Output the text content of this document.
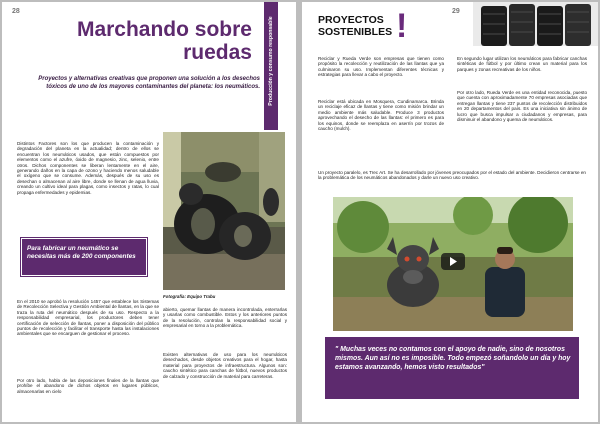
28
Marchando sobre ruedas	Producción y consumo responsable

Proyectos y alternativas creativas que proponen una solución a los desechos tóxicos de uno de los mayores contaminantes del planeta: los neumáticos.

Distintos Factores son los que producen la contaminación y degradación del planeta en la actualidad; dentro de ellos se encuentran los neumáticos usados, que están compuestos por elementos como el azufre, óxido de magnesio, zinc, selenio, entre otros. Dichos componentes se liberan lentamente en el aire, generando daños en la capa de ozono y haciendo menos saludable el oxígeno que se consume. Además, después de su uso es desechan o almacenan al aire libre, donde se llenan de agua lluvia, creando un cultivo ideal para plagas, como insectos y ratas, lo cual propaga enfermedades y epidemias.

Para fabricar un neumático se necesitas más de 200 componentes

En el 2010 se aprobó la resolución 1457 que establece los Sistemas de Recolección Selectiva y Gestión Ambiental de llantas, en la que se traza la ruta del neumático después de su uso. Respecto a la responsabilidad empresarial, los productores deben tener certificación de selección de llantas, poner a disposición del público puntos de recolección y facilitar el transporte hasta las instalaciones ambientales que se encarguen de gestionar el proceso.

Por otro lado, habla de las deposiciones finales de la llantas que prohíbe el abandono de dichos objetos en lugares públicos, almacenarlas en cielo

Fotografía: Equipo Trabu

abierto, quemar llantas de manera incontrolada, enterrarlas y usarlas como combustible. Estos y los anteriores puntos de la resolución, controlan la responsabilidad social y empresarial en torno a la problemática.

Existen alternativas de uso para los neumáticos desechados, desde objetos creativos para el hogar, hasta material para proyectos de infraestructura. Algunos son: caucho sintético para canchas de fútbol, nuevos productos de calzado y construcción de material para carreteras.

29
PROYECTOS
SOSTENIBLES !

Reciclar y Rueda Verde son empresas que tienen como propósito la recolección y reutilización de las llantas que ya culminaron su uso. Implementan diferentes técnicas y estrategias para llevar a cabo el proyecto.

Reciclar está ubicada en Mosquera, Cundinamarca. Brinda un reciclaje eficaz de llantas y tiene como misión brindar un medio ambiente más saludable. Produce 3 productos aprovechando el desecho de las llantas: el primero es para los equinos, donde se reemplaza en aserrín por trozos de caucho (mulch).

En segundo lugar utilizan los neumáticos para fabricar canchas sintéticas de fútbol y por último crean un material para los parques y zonas recreativas de los niños.

Por otro lado, Rueda Verde es una entidad reconocida, puesto que cuenta con aproximadamente 70 empresas asociadas que entregan llantas y tiene 237 puntos de recolección distribuidos en 20 departamentos del país. Es una iniciativa sin ánimo de lucro que busca impulsar a ciudadanos y empresas, para disminuir el abandono y quema de neumáticos.

Un proyecto paralelo, es Trec Art. Se ha desarrollado por jóvenes preocupados por el estado del ambiente. Decidieron centrarse en la problemática de los neumáticos abandonados y darle un nuevo uso creativo.

" Muchas veces no contamos con el apoyo de nadie, sino de nosotros mismos. Aun así no es imposible. Todo empezó soñandolo un día y hoy estamos avanzando, hemos visto resultados"
